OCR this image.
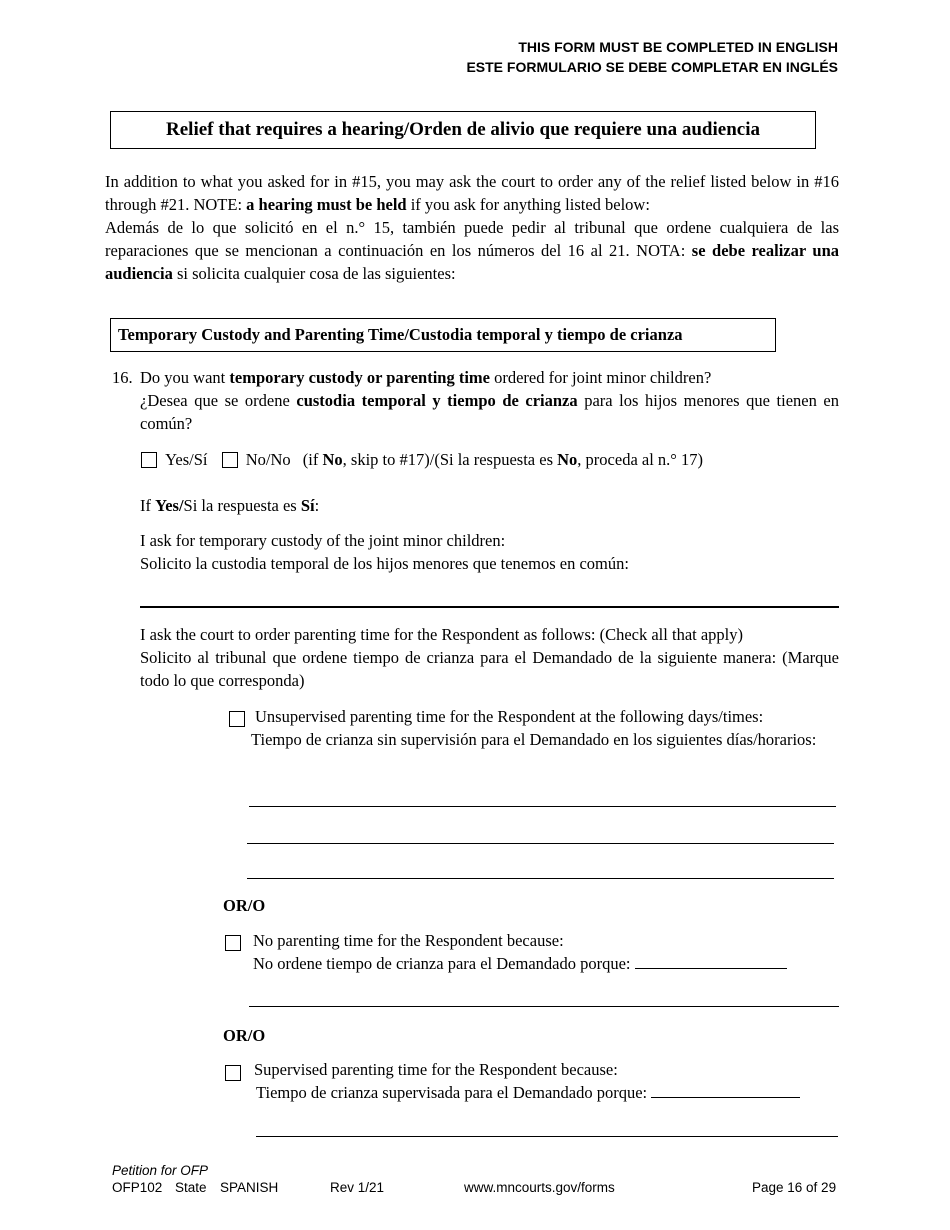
THIS FORM MUST BE COMPLETED IN ENGLISH
ESTE FORMULARIO SE DEBE COMPLETAR EN INGLÉS
Relief that requires a hearing/Orden de alivio que requiere una audiencia
In addition to what you asked for in #15, you may ask the court to order any of the relief listed below in #16 through #21. NOTE: a hearing must be held if you ask for anything listed below:
Además de lo que solicitó en el n.° 15, también puede pedir al tribunal que ordene cualquiera de las reparaciones que se mencionan a continuación en los números del 16 al 21. NOTA: se debe realizar una audiencia si solicita cualquier cosa de las siguientes:
Temporary Custody and Parenting Time/Custodia temporal y tiempo de crianza
16. Do you want temporary custody or parenting time ordered for joint minor children?
¿Desea que se ordene custodia temporal y tiempo de crianza para los hijos menores que tienen en común?
Yes/Sí No/No (if No, skip to #17)/(Si la respuesta es No, proceda al n.° 17)
If Yes/Si la respuesta es Sí:
I ask for temporary custody of the joint minor children:
Solicito la custodia temporal de los hijos menores que tenemos en común:
I ask the court to order parenting time for the Respondent as follows: (Check all that apply)
Solicito al tribunal que ordene tiempo de crianza para el Demandado de la siguiente manera: (Marque todo lo que corresponda)
Unsupervised parenting time for the Respondent at the following days/times:
Tiempo de crianza sin supervisión para el Demandado en los siguientes días/horarios:
OR/O
No parenting time for the Respondent because:
No ordene tiempo de crianza para el Demandado porque:
OR/O
Supervised parenting time for the Respondent because:
Tiempo de crianza supervisada para el Demandado porque:
Petition for OFP
OFP102 State SPANISH	Rev 1/21	www.mncourts.gov/forms	Page 16 of 29
